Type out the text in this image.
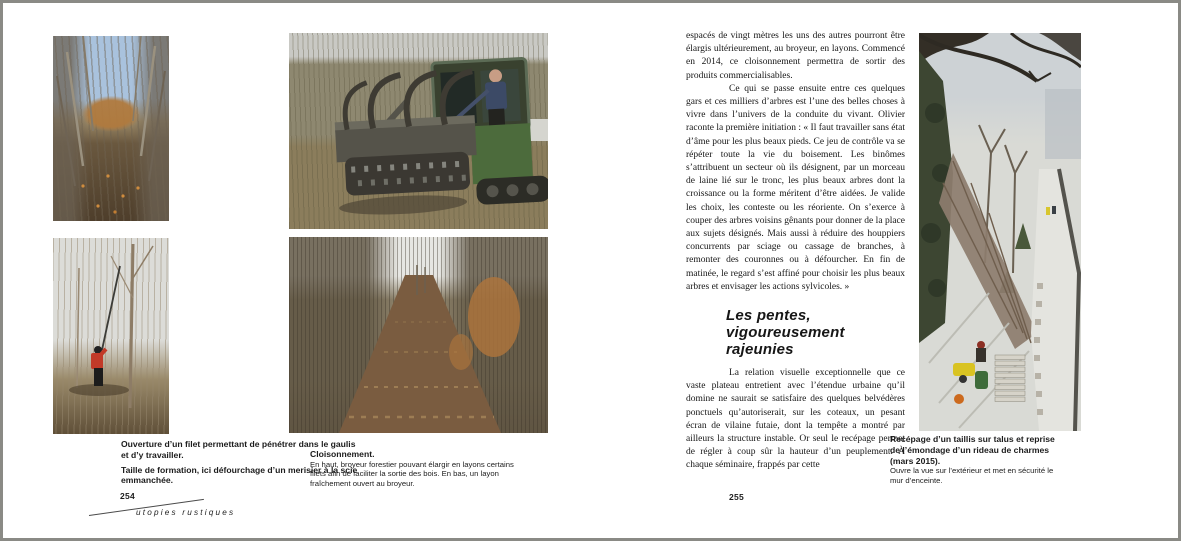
Ouverture d’un filet permettant de pénétrer dans le gaulis et d’y travailler.

Taille de formation, ici défourchage d’un merisier à la scie emmanchée.

Cloisonnement.

En haut, broyeur forestier pouvant élargir en layons certains filets afin de faciliter la sortie des bois. En bas, un layon fraîchement ouvert au broyeur.

254
utopies rustiques

espacés de vingt mètres les uns des autres pourront être élargis ultérieurement, au broyeur, en layons. Commencé en 2014, ce cloisonnement permettra de sortir des produits commercialisables.

Ce qui se passe ensuite entre ces quelques gars et ces milliers d’arbres est l’une des belles choses à vivre dans l’univers de la conduite du vivant. Olivier raconte la première initiation : « Il faut travailler sans état d’âme pour les plus beaux pieds. Ce jeu de contrôle va se répéter toute la vie du boisement. Les binômes s’attribuent un secteur où ils désignent, par un morceau de laine lié sur le tronc, les plus beaux arbres dont la croissance ou la forme méritent d’être aidées. Je valide les choix, les conteste ou les réoriente. On s’exerce à couper des arbres voisins gênants pour donner de la place aux sujets désignés. Mais aussi à réduire des houppiers concurrents par sciage ou cassage de branches, à remonter des couronnes ou à défourcher. En fin de matinée, le regard s’est affiné pour choisir les plus beaux arbres et envisager les actions sylvicoles. »

Les pentes,
vigoureusement rajeunies

La relation visuelle exceptionnelle que ce vaste plateau entretient avec l’étendue urbaine qu’il domine ne saurait se satisfaire des quelques belvédères ponctuels qu’autoriserait, sur les coteaux, un pesant écran de vilaine futaie, dont la tempête a montré par ailleurs la structure instable. Or seul le recépage permet de régler à coup sûr la hauteur d’un peuplement. À chaque séminaire, frappés par cette

255

Recépage d’un taillis sur talus et reprise de l’émondage d’un rideau de charmes (mars 2015).

Ouvre la vue sur l’extérieur et met en sécurité le mur d’enceinte.
